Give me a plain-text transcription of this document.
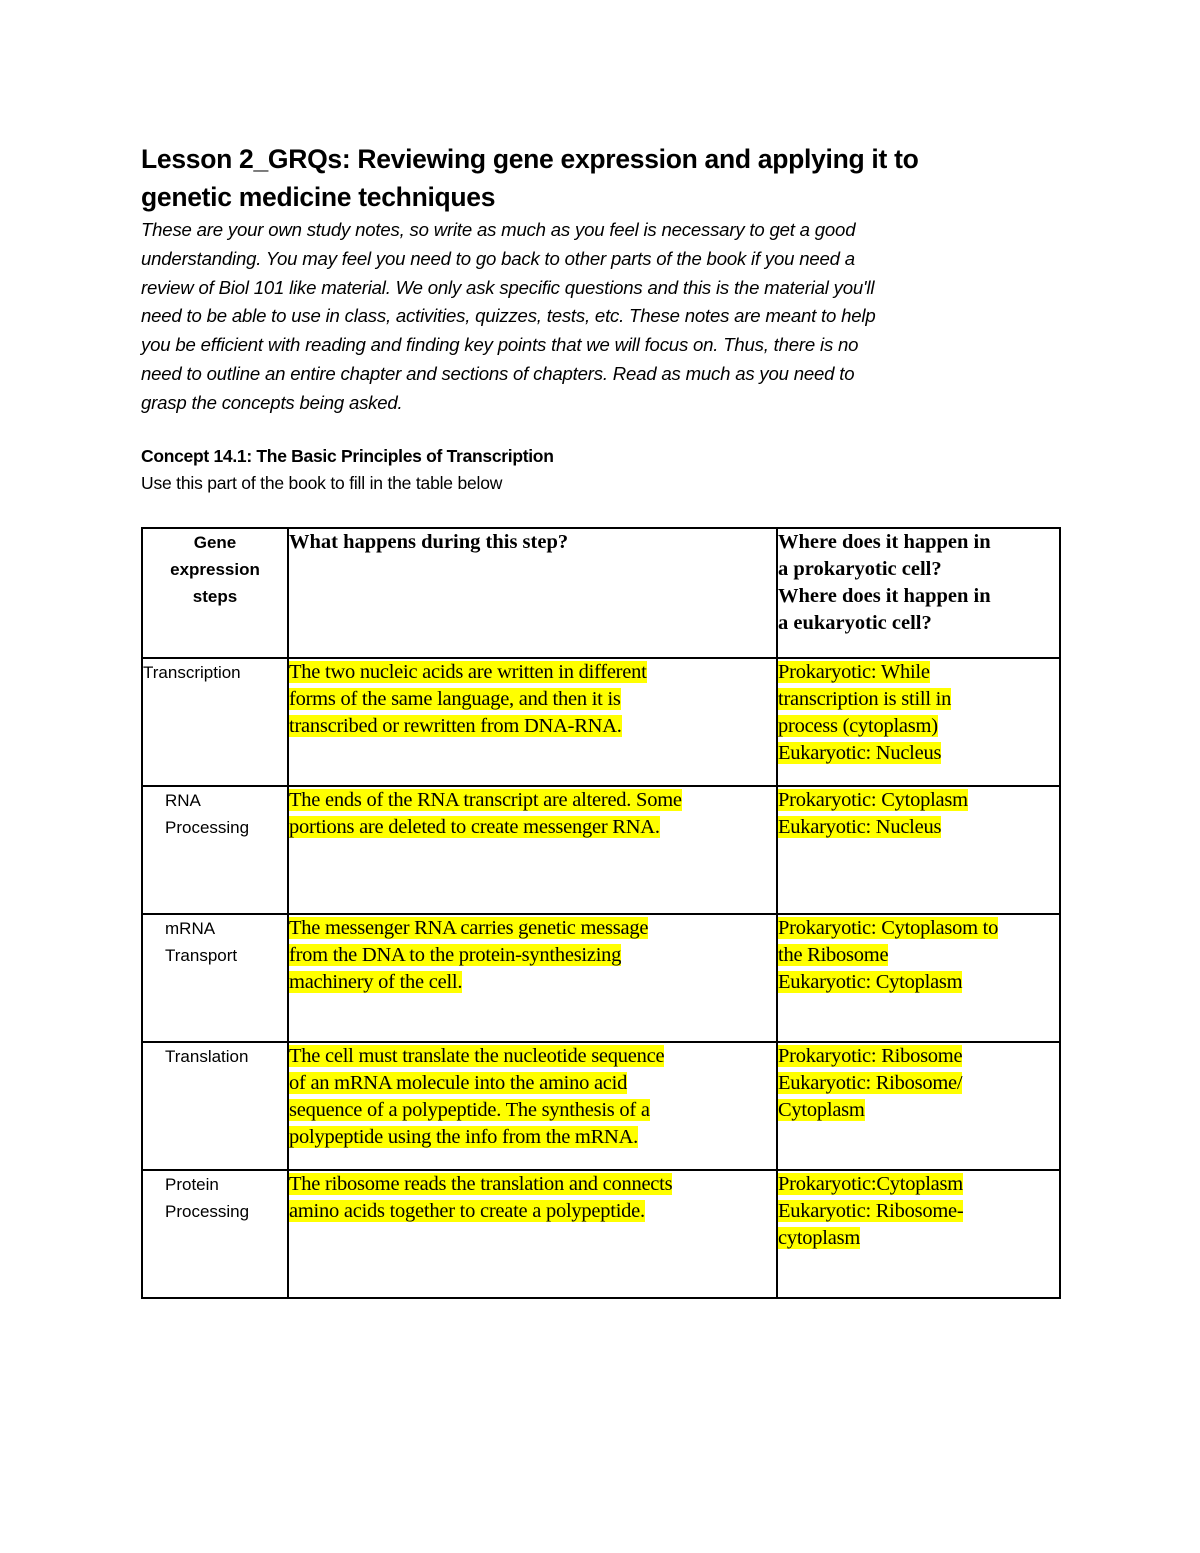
Lesson 2_GRQs: Reviewing gene expression and applying it to
genetic medicine techniques

These are your own study notes, so write as much as you feel is necessary to get a good
understanding. You may feel you need to go back to other parts of the book if you need a
review of Biol 101 like material. We only ask specific questions and this is the material you'll
need to be able to use in class, activities, quizzes, tests, etc. These notes are meant to help
you be efficient with reading and finding key points that we will focus on. Thus, there is no
need to outline an entire chapter and sections of chapters. Read as much as you need to
grasp the concepts being asked.

Concept 14.1: The Basic Principles of Transcription
Use this part of the book to fill in the table below
Gene
expression
steps	What happens during this step?	Where does it happen in
a prokaryotic cell?
Where does it happen in
a eukaryotic cell?

Transcription	The two nucleic acids are written in different
forms of the same language, and then it is
transcribed or rewritten from DNA-RNA.	Prokaryotic: While
transcription is still in
process (cytoplasm)
Eukaryotic: Nucleus

RNA
Processing	The ends of the RNA transcript are altered. Some
portions are deleted to create messenger RNA.	Prokaryotic: Cytoplasm
Eukaryotic: Nucleus

mRNA
Transport	The messenger RNA carries genetic message
from the DNA to the protein-synthesizing
machinery of the cell.	Prokaryotic: Cytoplasom to
the Ribosome
Eukaryotic: Cytoplasm

Translation	The cell must translate the nucleotide sequence
of an mRNA molecule into the amino acid
sequence of a polypeptide. The synthesis of a
polypeptide using the info from the mRNA.	Prokaryotic: Ribosome
Eukaryotic: Ribosome/
Cytoplasm

Protein
Processing	The ribosome reads the translation and connects
amino acids together to create a polypeptide.	Prokaryotic:Cytoplasm
Eukaryotic: Ribosome-
cytoplasm
